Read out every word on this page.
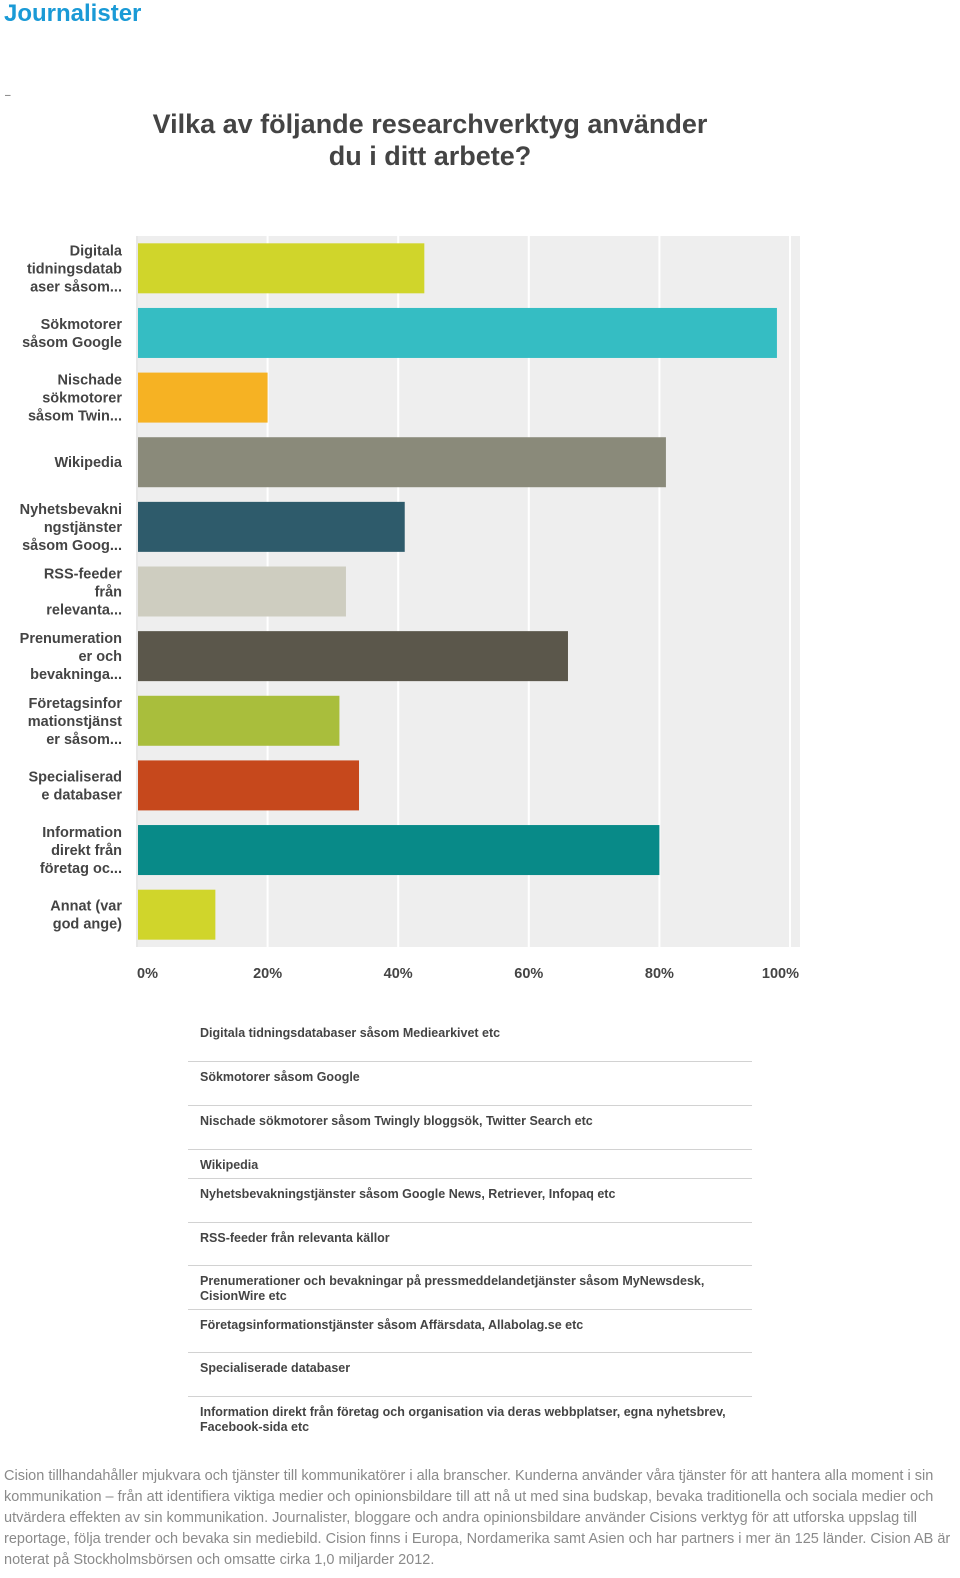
Journalister
–
Vilka av följande researchverktyg använder
du i ditt arbete?
Digitala tidningsdatab aser såsom...
Sökmotorer såsom Google
Nischade sökmotorer såsom Twin...
Wikipedia
Nyhetsbevakni ngstjänster såsom Goog...
RSS-feeder från relevanta...
Prenumeration er och bevakninga...
Företagsinfor mationstjänst er såsom...
Specialiserad e databaser
Information direkt från företag oc...
Annat (var god ange)
0%	20%	40%	60%	80%	100%
Digitala tidningsdatabaser såsom Mediearkivet etc
Sökmotorer såsom Google
Nischade sökmotorer såsom Twingly bloggsök, Twitter Search etc
Wikipedia
Nyhetsbevakningstjänster såsom Google News, Retriever, Infopaq etc
RSS-feeder från relevanta källor
Prenumerationer och bevakningar på pressmeddelandetjänster såsom MyNewsdesk, CisionWire etc
Företagsinformationstjänster såsom Affärsdata, Allabolag.se etc
Specialiserade databaser
Information direkt från företag och organisation via deras webbplatser, egna nyhetsbrev, Facebook-sida etc

Cision tillhandahåller mjukvara och tjänster till kommunikatörer i alla branscher. Kunderna använder våra tjänster för att hantera alla moment i sin kommunikation – från att identifiera viktiga medier och opinionsbildare till att nå ut med sina budskap, bevaka traditionella och sociala medier och utvärdera effekten av sin kommunikation. Journalister, bloggare och andra opinionsbildare använder Cisions verktyg för att utforska uppslag till reportage, följa trender och bevaka sin mediebild. Cision finns i Europa, Nordamerika samt Asien och har partners i mer än 125 länder. Cision AB är noterat på Stockholmsbörsen och omsatte cirka 1,0 miljarder 2012.
